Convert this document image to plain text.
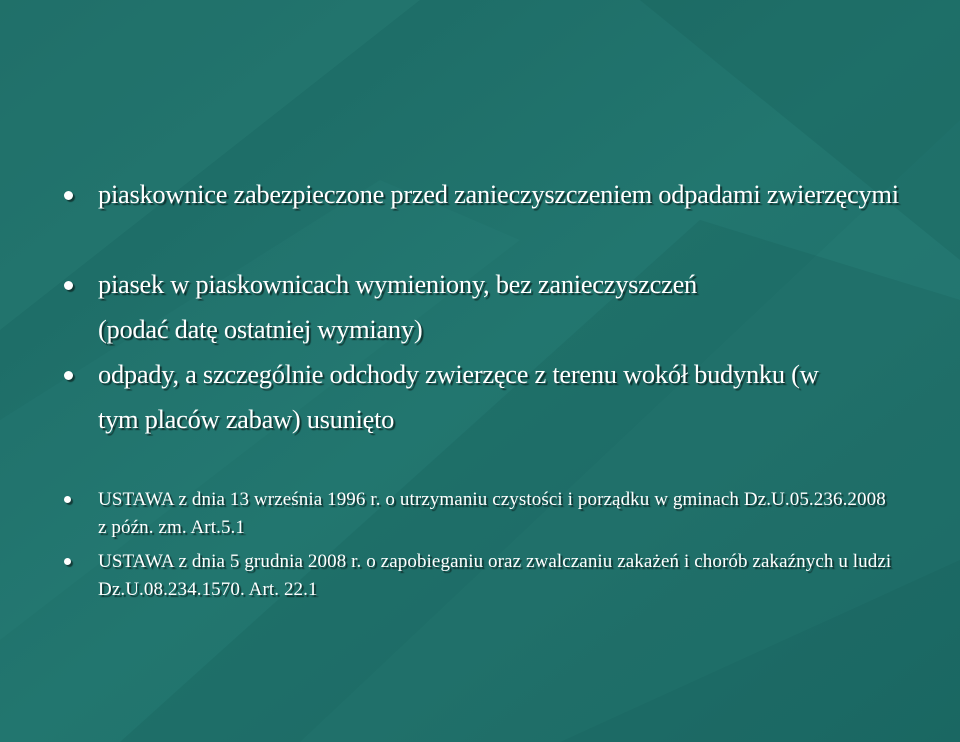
piaskownice zabezpieczone przed zanieczyszczeniem odpadami zwierzęcymi
piasek w piaskownicach wymieniony, bez zanieczyszczeń (podać datę ostatniej wymiany)
odpady, a szczególnie odchody zwierzęce z terenu wokół budynku (w tym placów zabaw) usunięto
USTAWA z dnia 13 września 1996 r. o utrzymaniu czystości i porządku w gminach Dz.U.05.236.2008 z późn. zm. Art.5.1
USTAWA z dnia 5 grudnia 2008 r. o zapobieganiu oraz zwalczaniu zakażeń i chorób zakaźnych u ludzi Dz.U.08.234.1570. Art. 22.1
